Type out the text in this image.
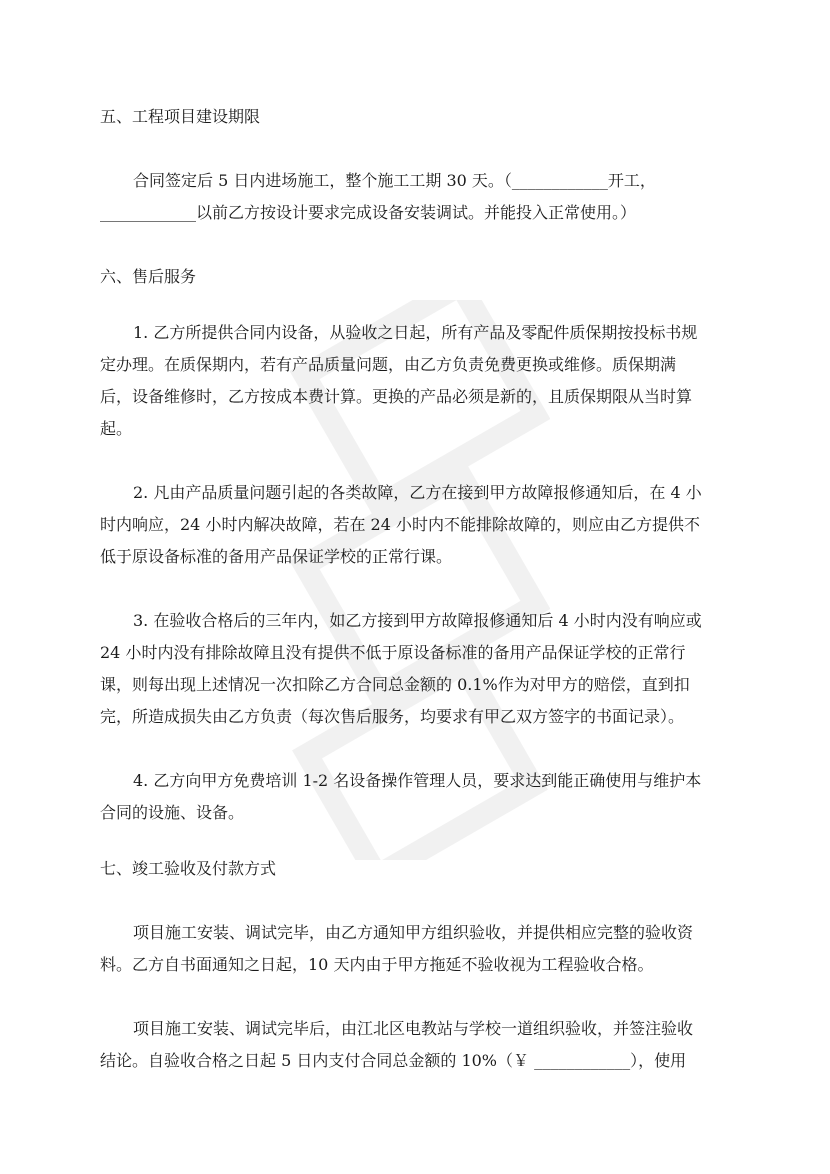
五、工程项目建设期限
合同签定后 5 日内进场施工，整个施工工期 30 天。（____________开工，
____________以前乙方按设计要求完成设备安装调试。并能投入正常使用。）
六、售后服务
1. 乙方所提供合同内设备，从验收之日起，所有产品及零配件质保期按投标书规
定办理。在质保期内，若有产品质量问题，由乙方负责免费更换或维修。质保期满
后，设备维修时，乙方按成本费计算。更换的产品必须是新的，且质保期限从当时算
起。
2. 凡由产品质量问题引起的各类故障，乙方在接到甲方故障报修通知后，在 4 小
时内响应，24 小时内解决故障，若在 24 小时内不能排除故障的，则应由乙方提供不
低于原设备标准的备用产品保证学校的正常行课。
3. 在验收合格后的三年内，如乙方接到甲方故障报修通知后 4 小时内没有响应或
24 小时内没有排除故障且没有提供不低于原设备标准的备用产品保证学校的正常行
课，则每出现上述情况一次扣除乙方合同总金额的 0.1%作为对甲方的赔偿，直到扣
完，所造成损失由乙方负责（每次售后服务，均要求有甲乙双方签字的书面记录）。
4. 乙方向甲方免费培训 1-2 名设备操作管理人员，要求达到能正确使用与维护本
合同的设施、设备。
七、竣工验收及付款方式
项目施工安装、调试完毕，由乙方通知甲方组织验收，并提供相应完整的验收资
料。乙方自书面通知之日起，10 天内由于甲方拖延不验收视为工程验收合格。
项目施工安装、调试完毕后，由江北区电教站与学校一道组织验收，并签注验收
结论。自验收合格之日起 5 日内支付合同总金额的 10%（￥ ____________），使用
